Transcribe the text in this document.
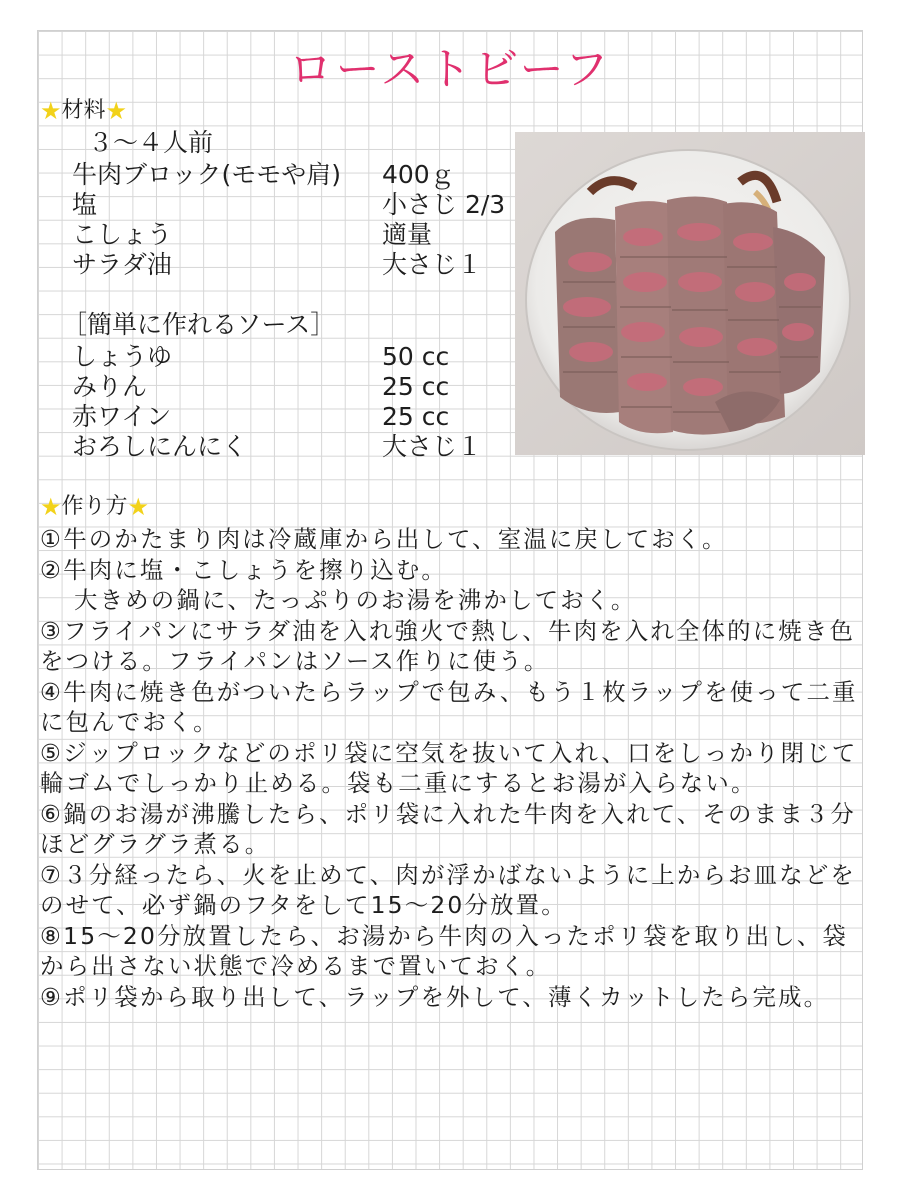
ローストビーフ
★ 材料 ★
３～４人前
牛肉ブロック(モモや肩) 400ｇ
塩	小さじ 2/3
こしょう	適量
サラダ油	大さじ１
［簡単に作れるソース］
しょうゆ	50 cc
みりん	25 cc
赤ワイン	25 cc
おろしにんにく	大さじ１
★ 作り方 ★

①牛のかたまり肉は冷蔵庫から出して、室温に戻しておく。

②牛肉に塩・こしょうを擦り込む。

大きめの鍋に、たっぷりのお湯を沸かしておく。

③フライパンにサラダ油を入れ強火で熱し、牛肉を入れ全体的に焼き色をつける。フライパンはソース作りに使う。

④牛肉に焼き色がついたらラップで包み、もう１枚ラップを使って二重に包んでおく。

⑤ジップロックなどのポリ袋に空気を抜いて入れ、口をしっかり閉じて輪ゴムでしっかり止める。袋も二重にするとお湯が入らない。

⑥鍋のお湯が沸騰したら、ポリ袋に入れた牛肉を入れて、そのまま３分ほどグラグラ煮る。

⑦３分経ったら、火を止めて、肉が浮かばないように上からお皿などをのせて、必ず鍋のフタをして15～20分放置。

⑧15～20分放置したら、お湯から牛肉の入ったポリ袋を取り出し、袋から出さない状態で冷めるまで置いておく。

⑨ポリ袋から取り出して、ラップを外して、薄くカットしたら完成。
